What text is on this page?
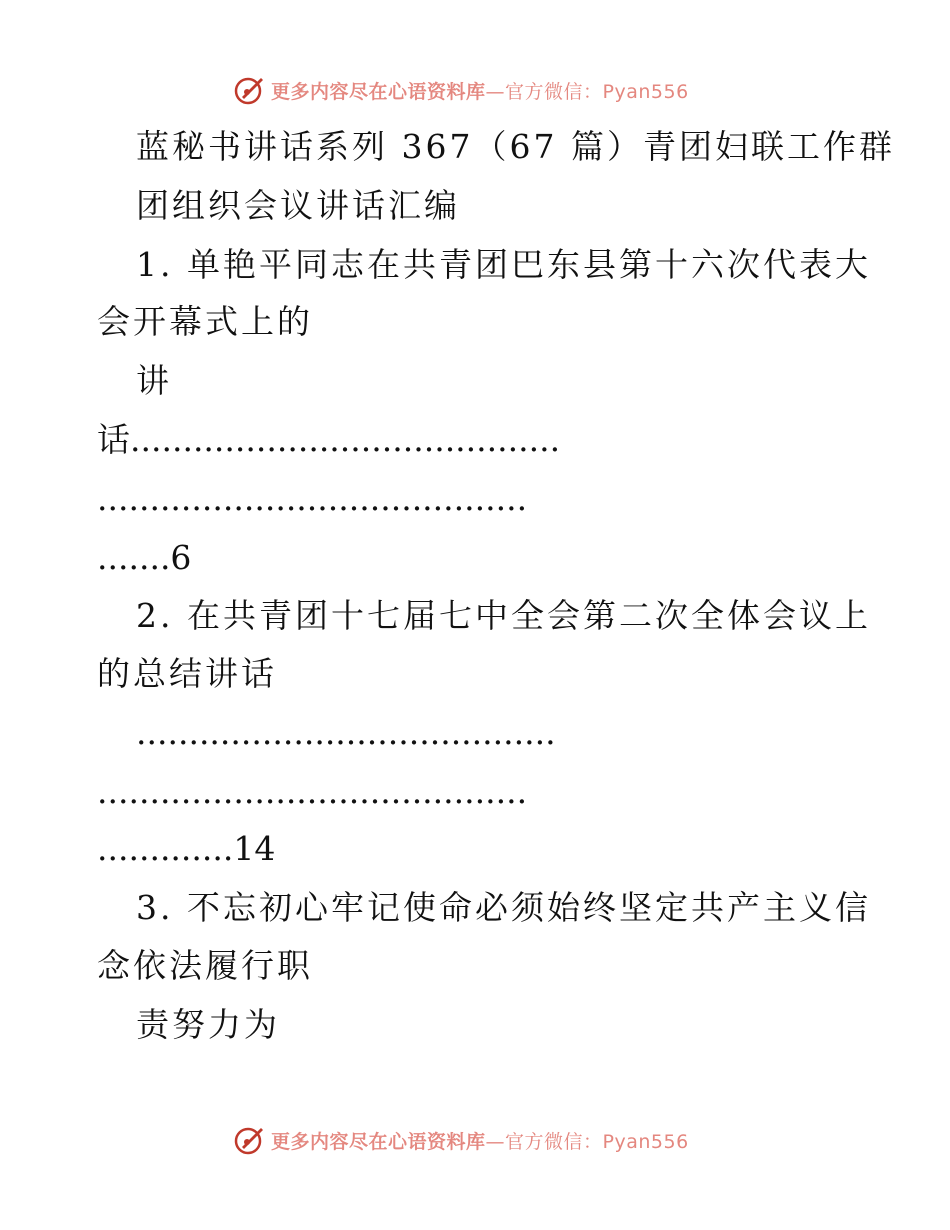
更多内容尽在心语资料库—官方微信：Pyan556
蓝秘书讲话系列 367（67 篇）青团妇联工作群
团组织会议讲话汇编
1. 单艳平同志在共青团巴东县第十六次代表大
会开幕式上的
讲
话.........................................
.........................................
.......6
2. 在共青团十七届七中全会第二次全体会议上
的总结讲话
........................................
.........................................
.............14
3. 不忘初心牢记使命必须始终坚定共产主义信
念依法履行职
责努力为
更多内容尽在心语资料库—官方微信：Pyan556
